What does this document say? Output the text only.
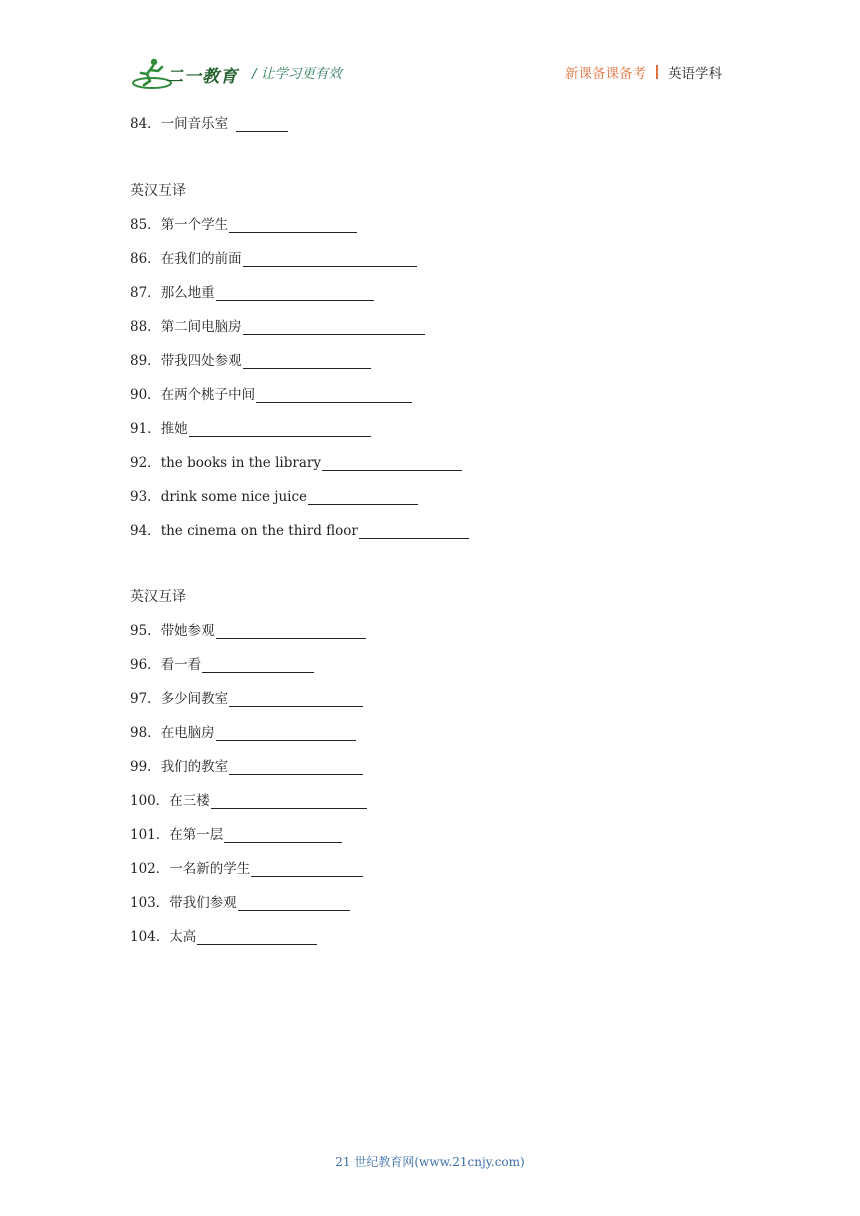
二一教育 / 让学习更有效	新课备课备考 英语学科
84． 一间音乐室
英汉互译
85． 第一个学生
86． 在我们的前面
87． 那么地重
88． 第二间电脑房
89． 带我四处参观
90． 在两个桃子中间
91． 推她
92． the books in the library
93． drink some nice juice
94． the cinema on the third floor
英汉互译
95． 带她参观
96． 看一看
97． 多少间教室
98． 在电脑房
99． 我们的教室
100． 在三楼
101． 在第一层
102． 一名新的学生
103． 带我们参观
104． 太高
21 世纪教育网(www.21cnjy.com)
